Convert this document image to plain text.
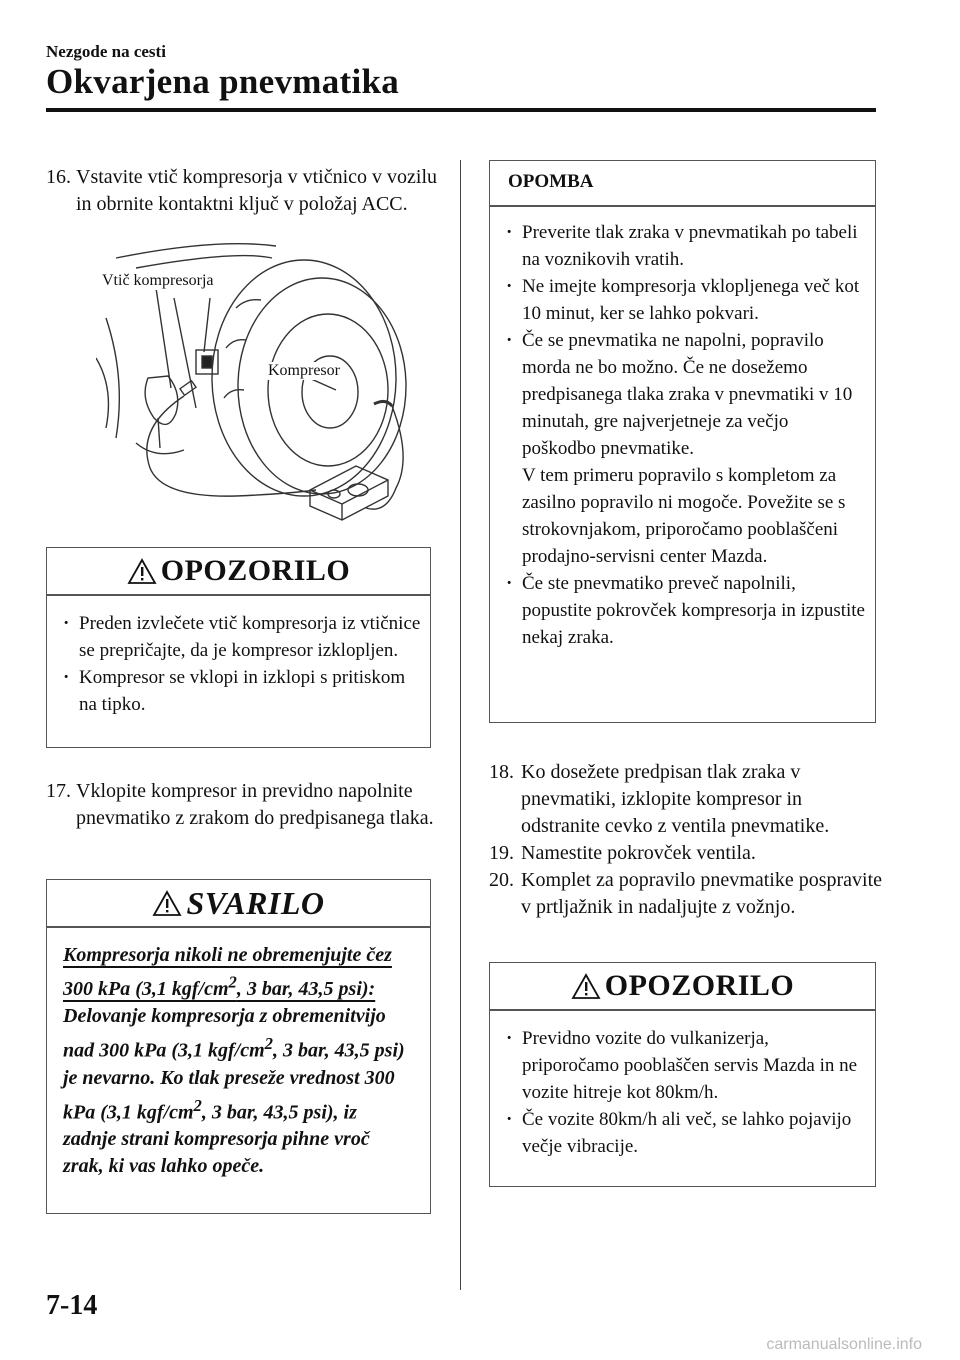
Nezgode na cesti
Okvarjena pnevmatika
16. Vstavite vtič kompresorja v vtičnico v vozilu in obrnite kontaktni ključ v položaj ACC.
Vtič kompresorja
Kompresor
OPOZORILO
· Preden izvlečete vtič kompresorja iz vtičnice se prepričajte, da je kompresor izklopljen.
· Kompresor se vklopi in izklopi s pritiskom na tipko.
17. Vklopite kompresor in previdno napolnite pnevmatiko z zrakom do predpisanega tlaka.
SVARILO
Kompresorja nikoli ne obremenjujte čez 300 kPa (3,1 kgf/$cm^2$, 3 bar, 43,5 psi):
Delovanje kompresorja z obremenitvijo nad 300 kPa (3,1 kgf/$cm^2$, 3 bar, 43,5 psi) je nevarno. Ko tlak preseže vrednost 300 kPa (3,1 kgf/$cm^2$, 3 bar, 43,5 psi), iz zadnje strani kompresorja pihne vroč zrak, ki vas lahko opeče.
OPOMBA
· Preverite tlak zraka v pnevmatikah po tabeli na voznikovih vratih.
· Ne imejte kompresorja vklopljenega več kot 10 minut, ker se lahko pokvari.
· Če se pnevmatika ne napolni, popravilo morda ne bo možno. Če ne dosežemo predpisanega tlaka zraka v pnevmatiki v 10 minutah, gre najverjetneje za večjo poškodbo pnevmatike.
V tem primeru popravilo s kompletom za zasilno popravilo ni mogoče. Povežite se s strokovnjakom, priporočamo pooblaščeni prodajno-servisni center Mazda.
· Če ste pnevmatiko preveč napolnili, popustite pokrovček kompresorja in izpustite nekaj zraka.
18. Ko dosežete predpisan tlak zraka v pnevmatiki, izklopite kompresor in odstranite cevko z ventila pnevmatike.
19. Namestite pokrovček ventila.
20. Komplet za popravilo pnevmatike pospravite v prtljažnik in nadaljujte z vožnjo.
OPOZORILO
· Previdno vozite do vulkanizerja, priporočamo pooblaščen servis Mazda in ne vozite hitreje kot 80km/h.
· Če vozite 80km/h ali več, se lahko pojavijo večje vibracije.
7-14
carmanualsonline.info
